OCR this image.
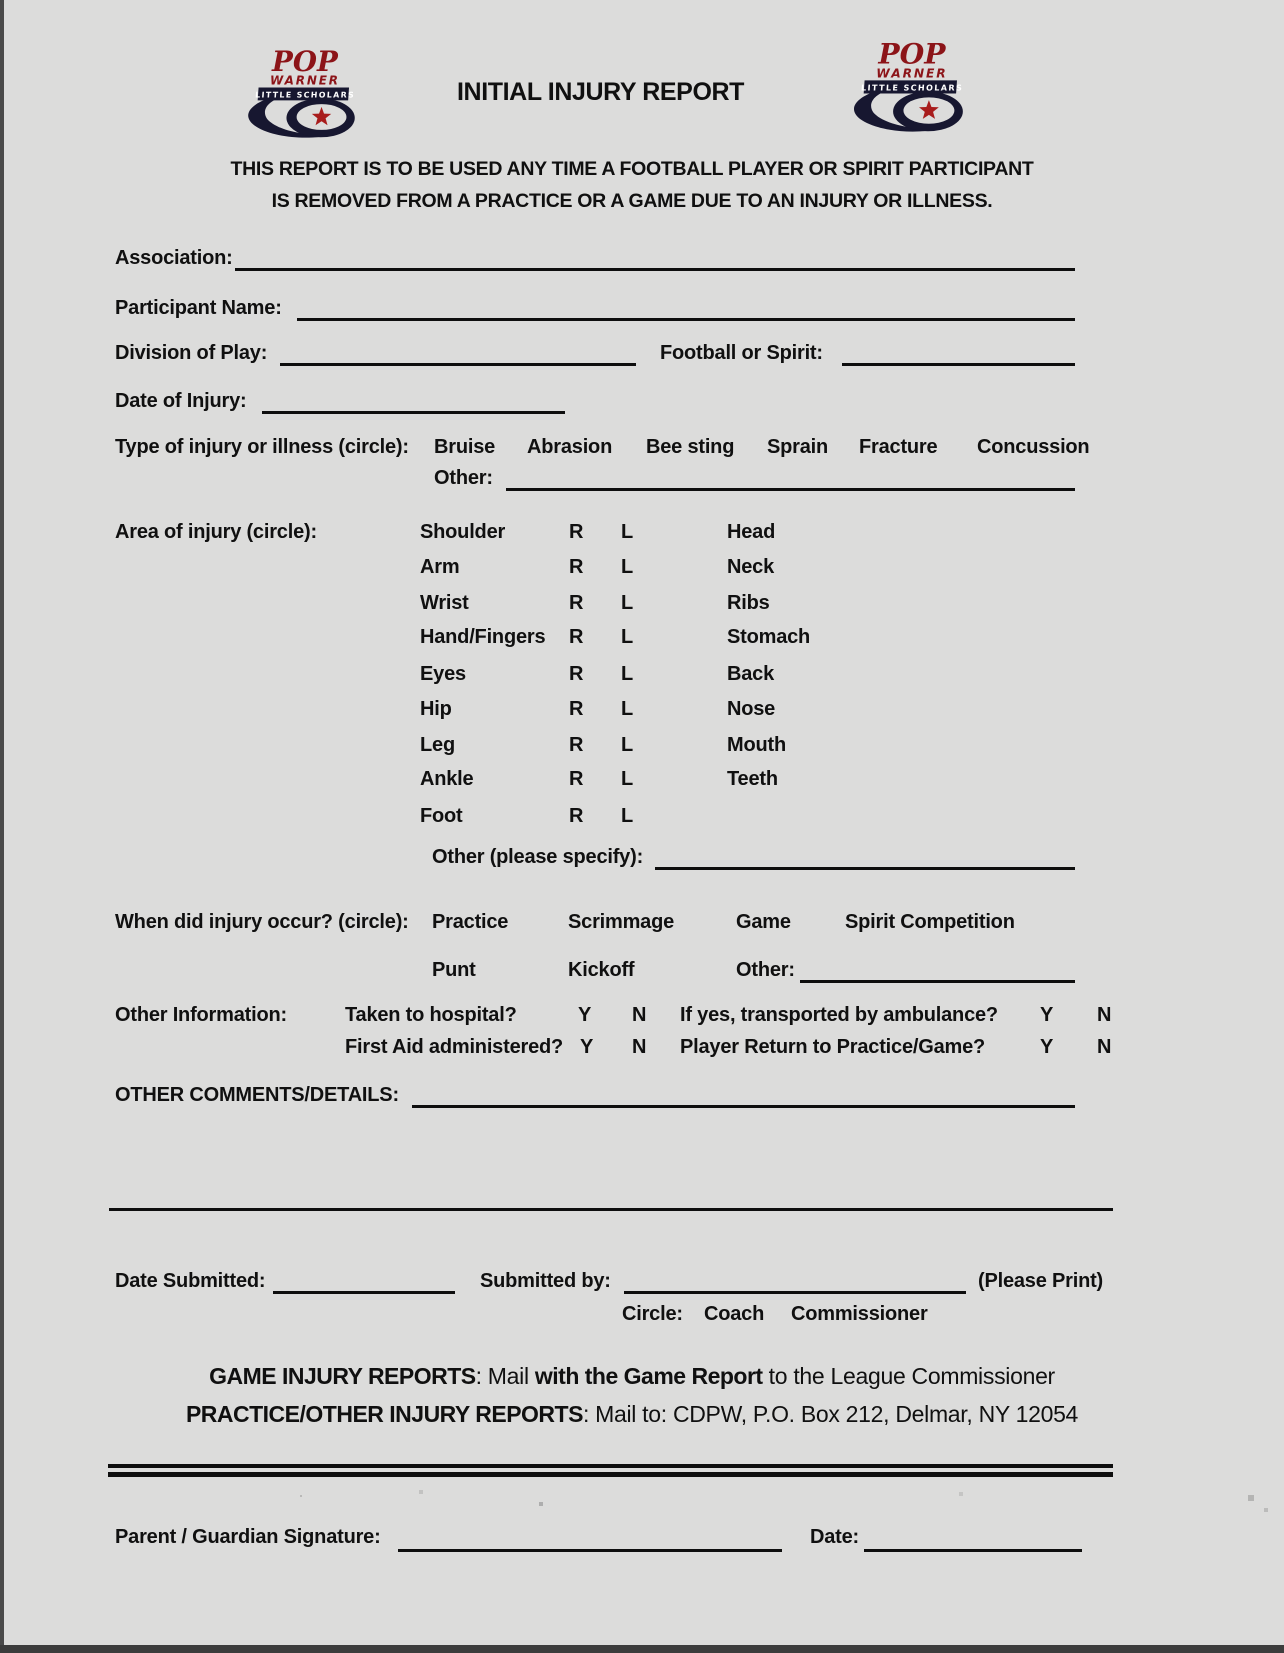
POP
WARNER
LITTLE SCHOLARS	INITIAL INJURY REPORT
POP
WARNER
LITTLE SCHOLARS
THIS REPORT IS TO BE USED ANY TIME A FOOTBALL PLAYER OR SPIRIT PARTICIPANT
IS REMOVED FROM A PRACTICE OR A GAME DUE TO AN INJURY OR ILLNESS.
Association:
Participant Name:
Division of Play:	Football or Spirit:
Date of Injury:
Type of injury or illness (circle): Bruise Abrasion Bee sting Sprain Fracture Concussion
Other:
Area of injury (circle):	Shoulder	R L	Head
Arm	R L	Neck
Wrist	R L	Ribs
Hand/Fingers R L	Stomach
Eyes	R L	Back
Hip	R L	Nose
Leg	R L	Mouth
Ankle	R L	Teeth
Foot	R L
Other (please specify):
When did injury occur? (circle): Practice	Scrimmage	Game	Spirit Competition
Punt	Kickoff	Other:
Other Information:	Taken to hospital?	Y N If yes, transported by ambulance? Y N
First Aid administered? Y N Player Return to Practice/Game?	Y N
OTHER COMMENTS/DETAILS:
Date Submitted:	Submitted by:	(Please Print)
Circle: Coach Commissioner
GAME INJURY REPORTS: Mail with the Game Report to the League Commissioner
PRACTICE/OTHER INJURY REPORTS: Mail to: CDPW, P.O. Box 212, Delmar, NY 12054
Parent / Guardian Signature:	Date:
